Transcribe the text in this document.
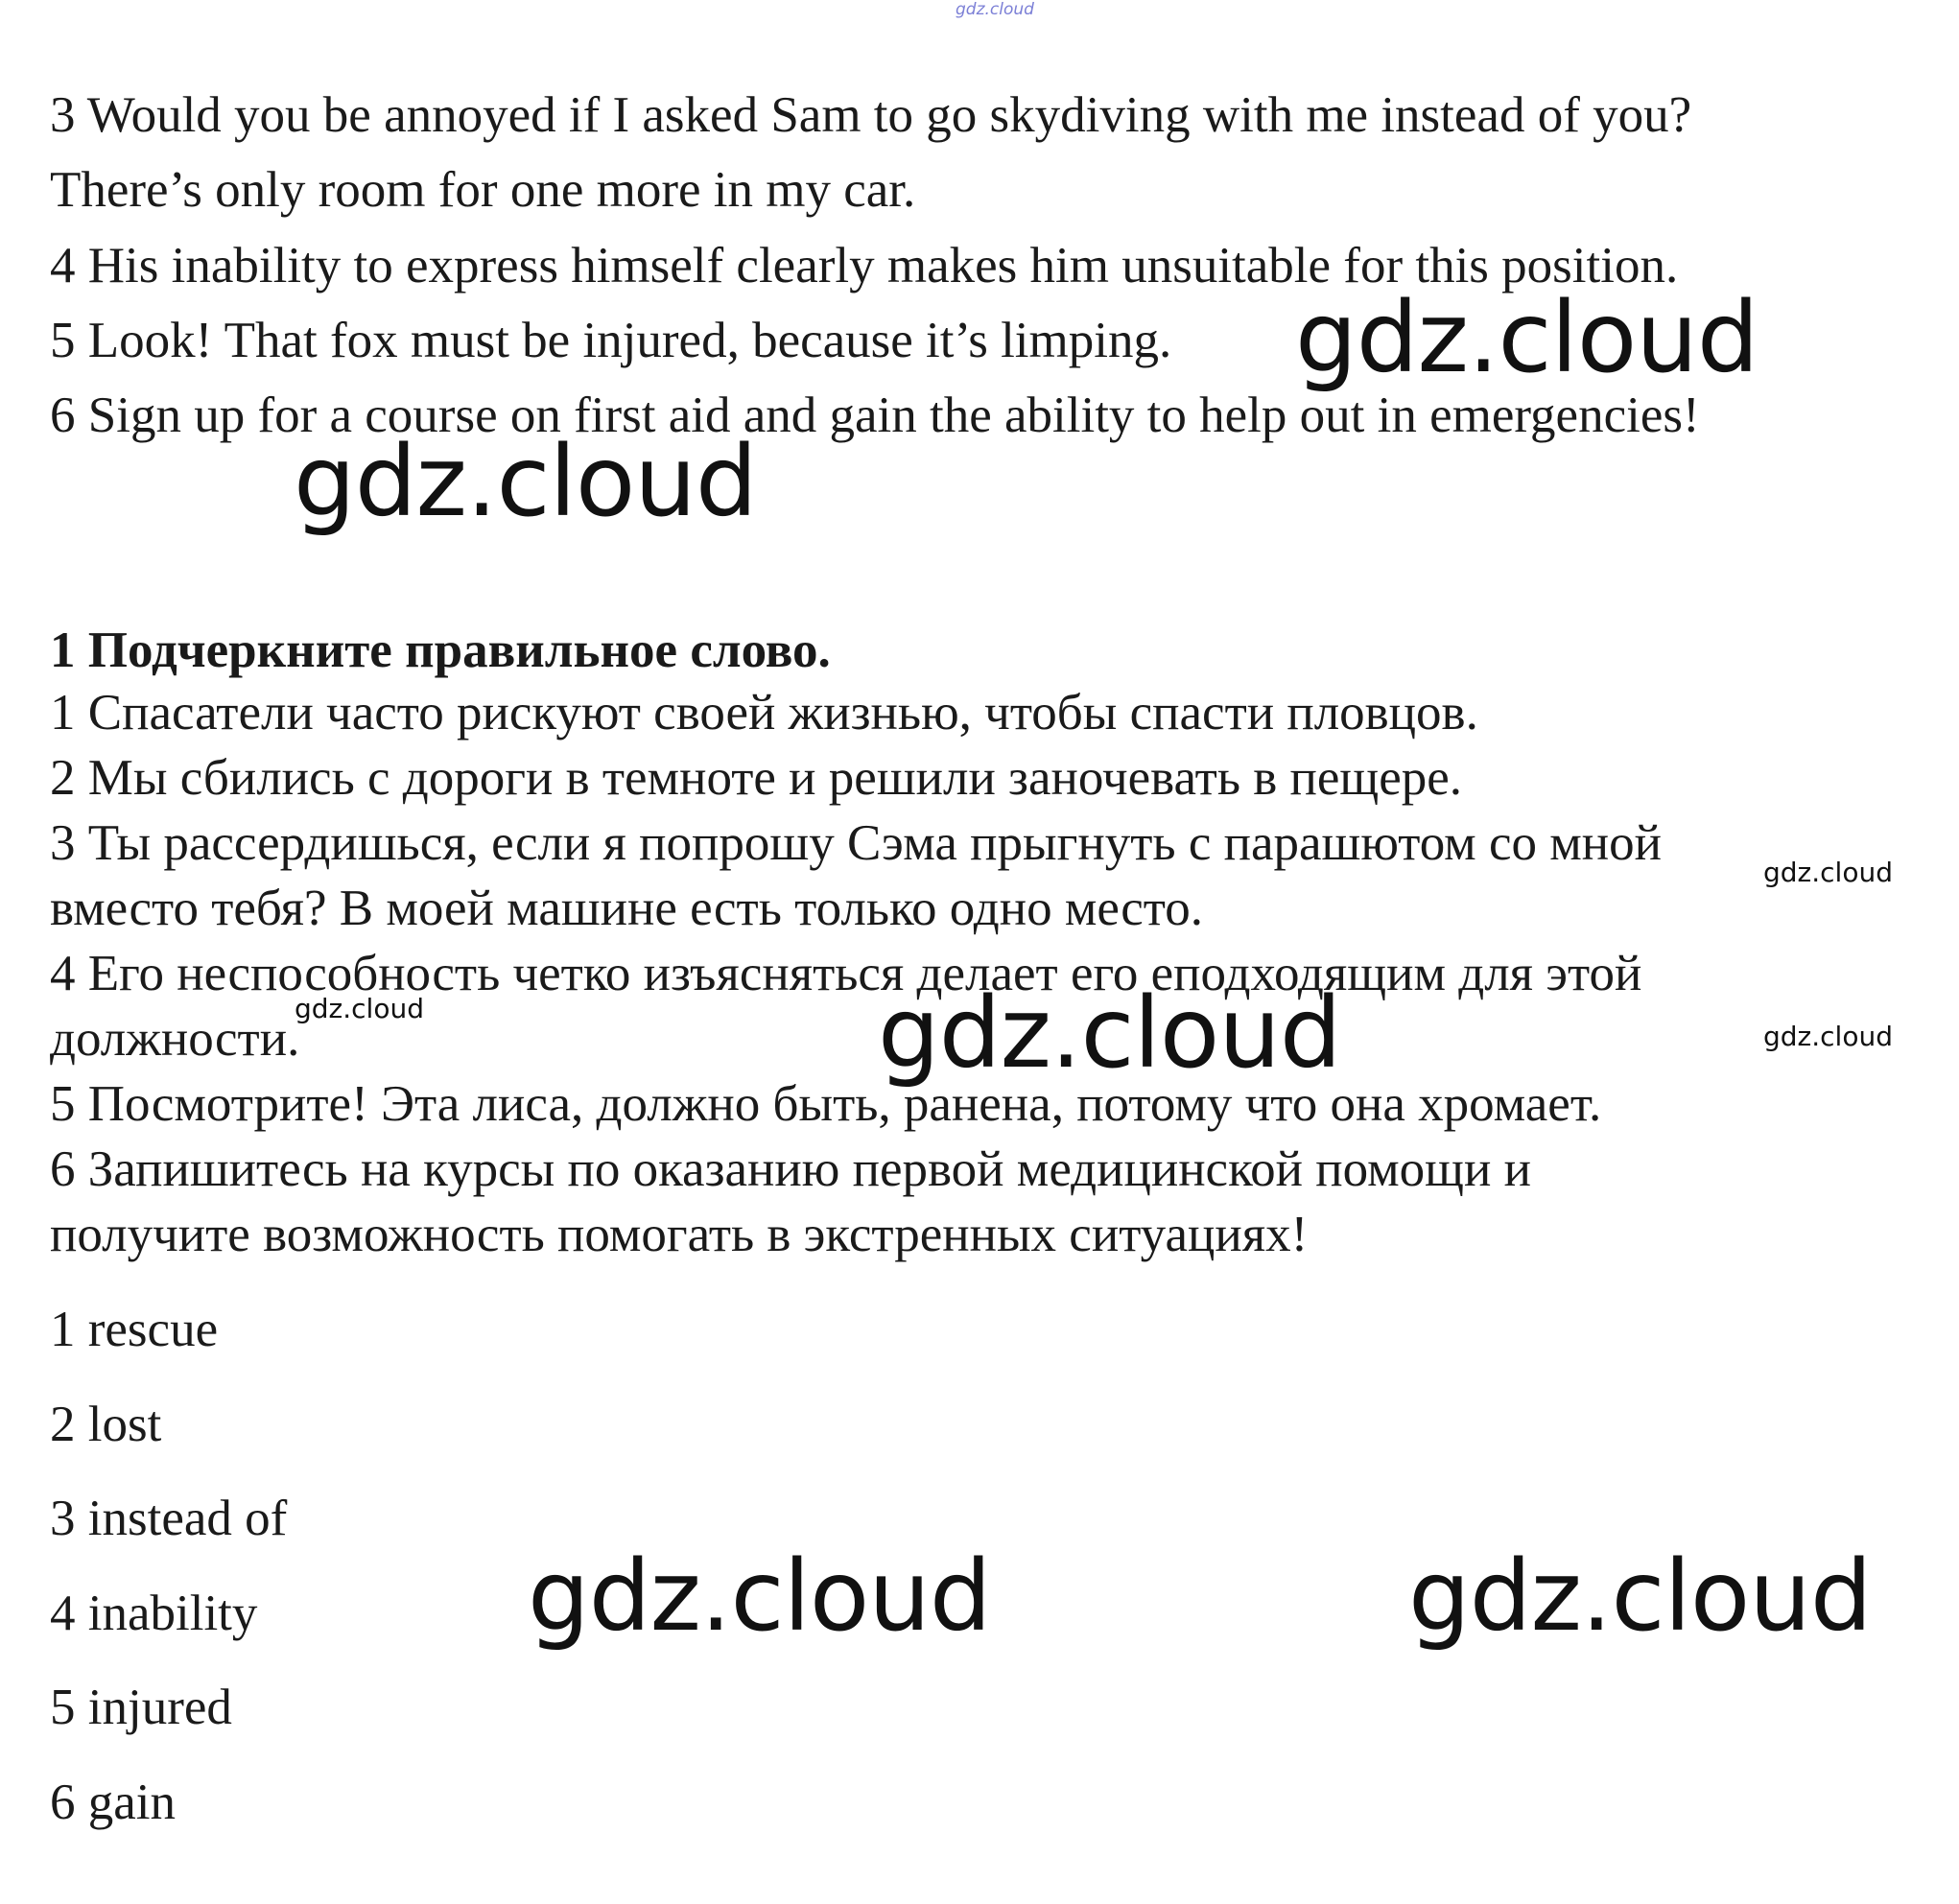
gdz.cloud
3 Would you be annoyed if I asked Sam to go skydiving with me instead of you?
There’s only room for one more in my car.
4 His inability to express himself clearly makes him unsuitable for this position.
5 Look! That fox must be injured, because it’s limping.
6 Sign up for a course on first aid and gain the ability to help out in emergencies!
1 Подчеркните правильное слово.
1 Спасатели часто рискуют своей жизнью, чтобы спасти пловцов.
2 Мы сбились с дороги в темноте и решили заночевать в пещере.
3 Ты рассердишься, если я попрошу Сэма прыгнуть с парашютом со мной
вместо тебя? В моей машине есть только одно место.
4 Его неспособность четко изъясняться делает его еподходящим для этой
должности.
5 Посмотрите! Эта лиса, должно быть, ранена, потому что она хромает.
6 Запишитесь на курсы по оказанию первой медицинской помощи и
получите возможность помогать в экстренных ситуациях!
1 rescue
2 lost
3 instead of
4 inability
5 injured
6 gain
gdz.cloud
gdz.cloud
gdz.cloud
gdz.cloud	gdz.cloud
gdz.cloud
gdz.cloud
gdz.cloud
